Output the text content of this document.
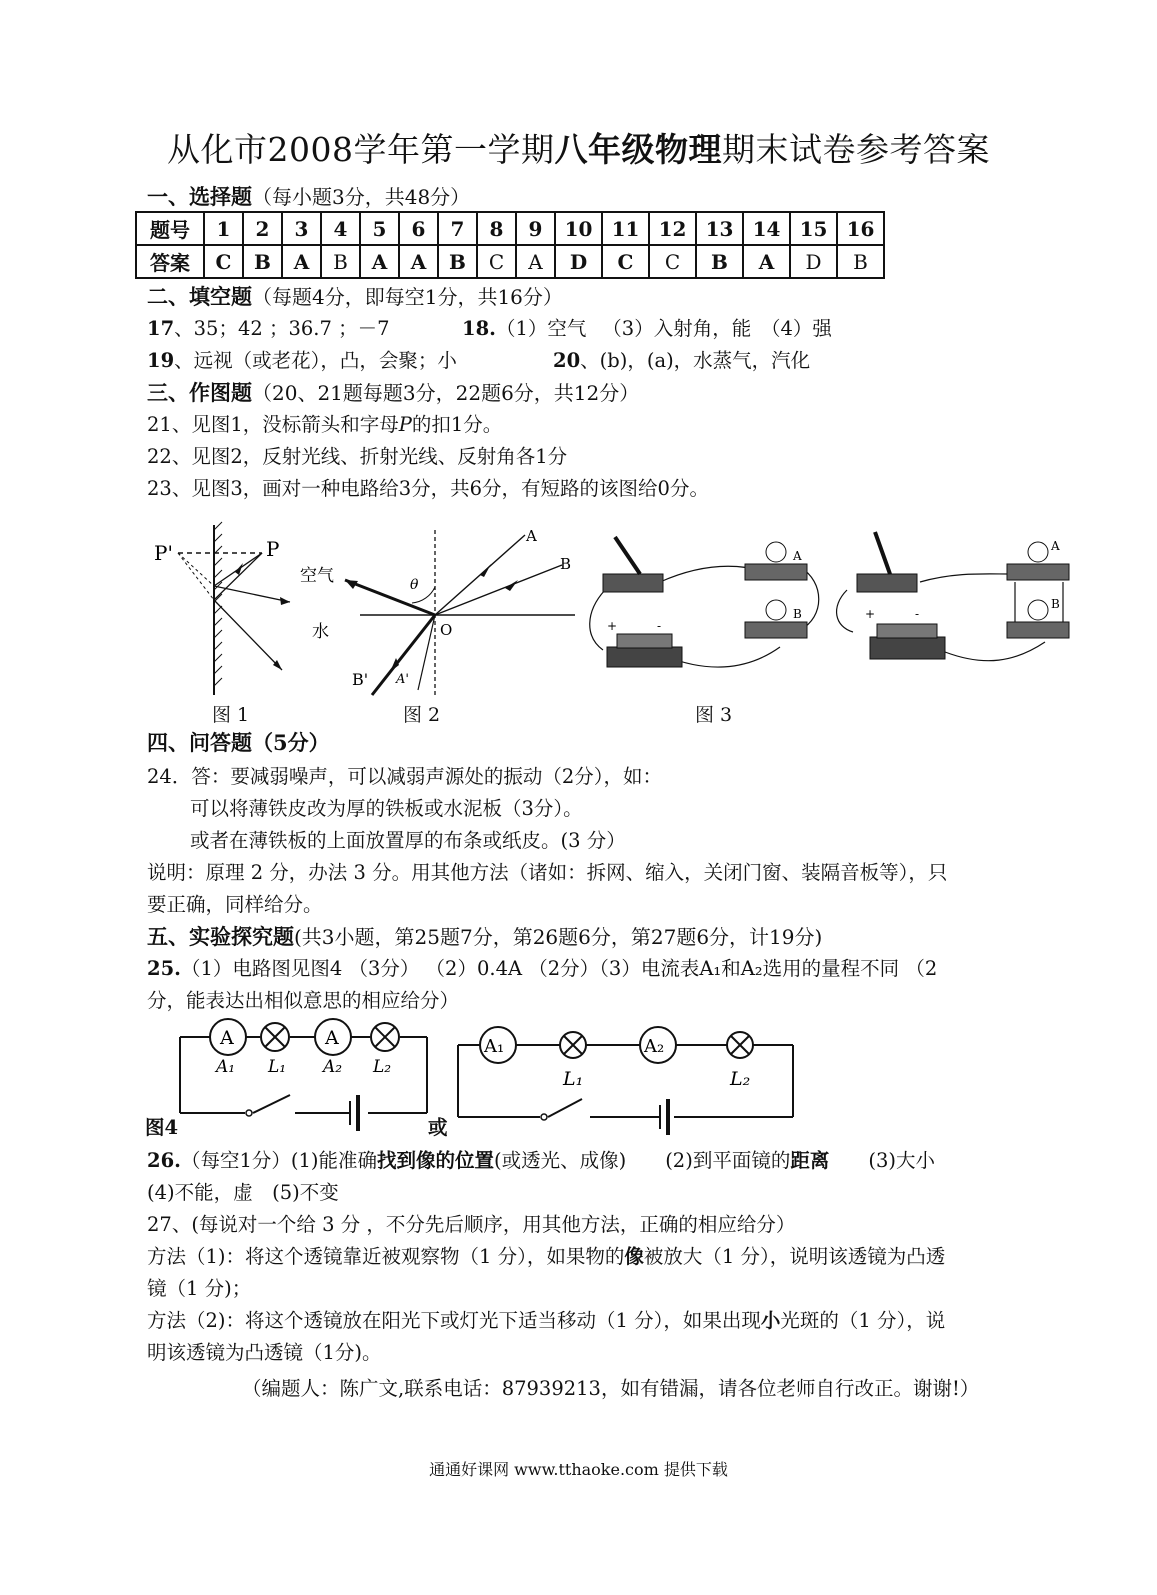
从化市2008学年第一学期八年级物理期末试卷参考答案
一、选择题（每小题3分，共48分）
题号	1	2	3	4	5	6	7	8	9	10	11	12	13	14	15	16
答案	C	B	A	B	A	A	B	C	A	D	C	C	B	A	D	B
二、填空题（每题4分，即每空1分，共16分）
17、35；42 ；36.7 ；－7	18.（1）空气 　（3）入射角，能　（4）强
19、远视（或老花），凸，会聚；小	20、(b)，(a)，水蒸气，汽化
三、作图题（20、21题每题3分，22题6分，共12分）
21、见图1，没标箭头和字母P的扣1分。
22、见图2，反射光线、折射光线、反射角各1分
23、见图3，画对一种电路给3分，共6分，有短路的该图给0分。
P'	P
图 1
空气
水
A
B
O
θ
B' A'
图 2
A
B
+	-
A
B
+	-
图 3
四、问答题（5分）
24．答：要减弱噪声，可以减弱声源处的振动（2分），如：
可以将薄铁皮改为厚的铁板或水泥板（3分）。
或者在薄铁板的上面放置厚的布条或纸皮。(3 分）
说明：原理 2 分，办法 3 分。用其他方法（诸如：拆网、缩入，关闭门窗、装隔音板等），只
要正确，同样给分。
五、实验探究题(共3小题，第25题7分，第26题6分，第27题6分，计19分)
25.（1）电路图见图4 （3分） （2）0.4A （2分）（3）电流表A₁和A₂选用的量程不同 （2
分，能表达出相似意思的相应给分）
A	A
A₁ L₁ A₂ L₂
A₁	A₂
L₁	L₂
图4	或
26.（每空1分）(1)能准确找到像的位置(或透光、成像)　　(2)到平面镜的距离　　(3)大小
(4)不能，虚　(5)不变
27、(每说对一个给 3 分 ，不分先后顺序，用其他方法，正确的相应给分）
方法（1)：将这个透镜靠近被观察物（1 分），如果物的像被放大（1 分），说明该透镜为凸透
镜（1 分)；
方法（2)：将这个透镜放在阳光下或灯光下适当移动（1 分），如果出现小光斑的（1 分），说
明该透镜为凸透镜（1分)。
（编题人：陈广文,联系电话：87939213，如有错漏，请各位老师自行改正。谢谢!）
通通好课网 www.tthaoke.com 提供下载
